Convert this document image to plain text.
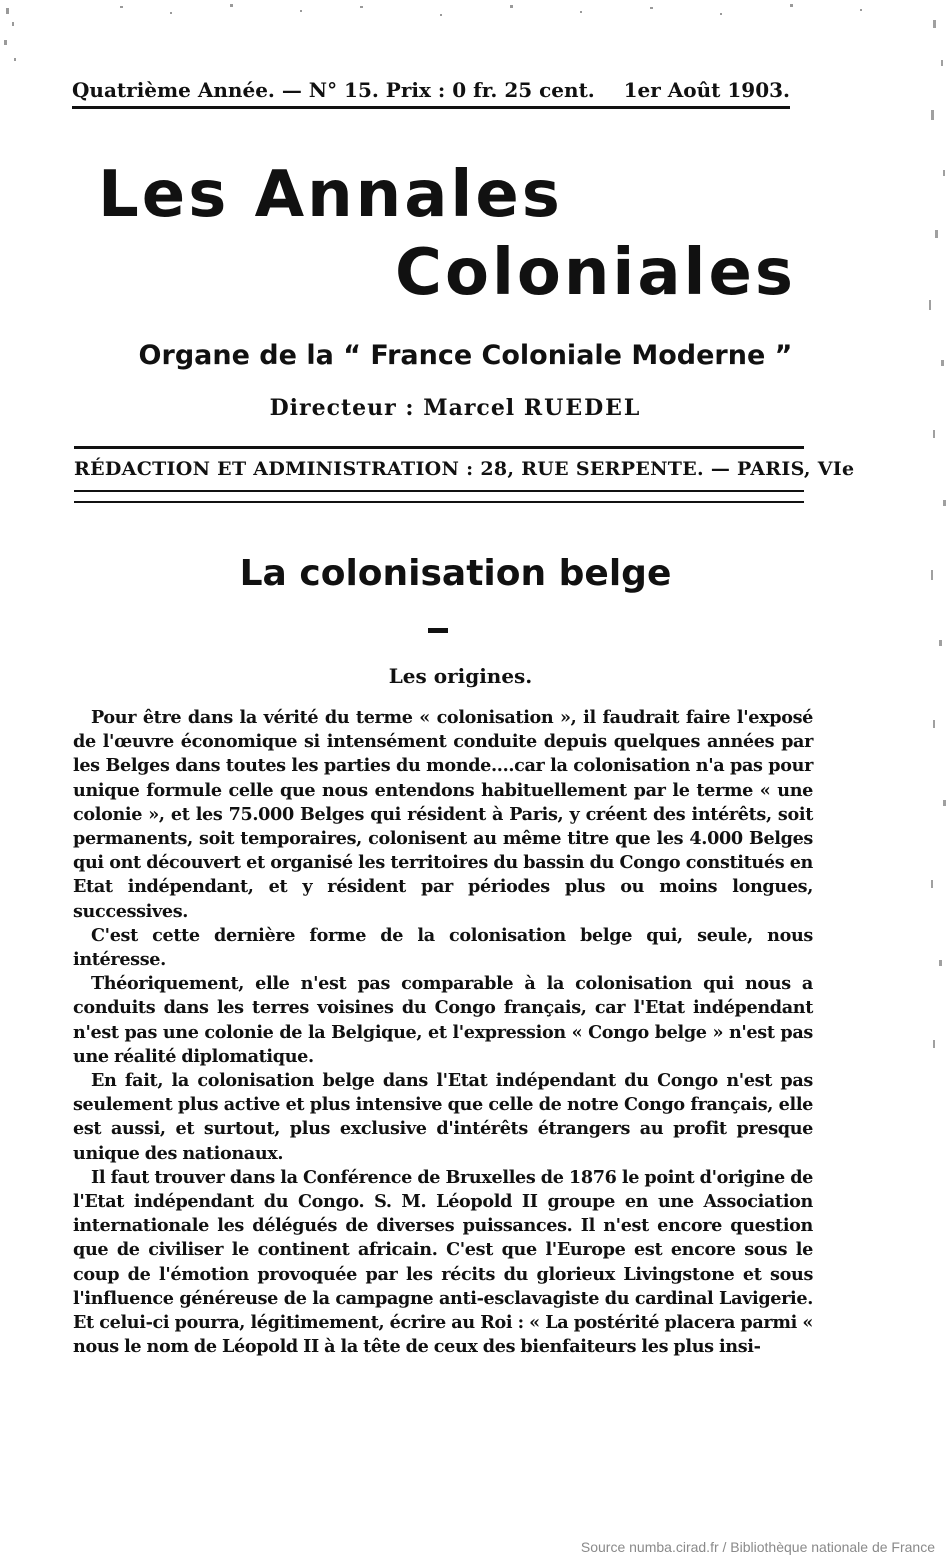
Quatrième Année. — N° 15. Prix : 0 fr. 25 cent. 1er Août 1903.
Les Annales
Coloniales
Organe de la “ France Coloniale Moderne ”
Directeur : Marcel RUEDEL
RÉDACTION ET ADMINISTRATION : 28, RUE SERPENTE. — PARIS, VIe
La colonisation belge
Les origines.

Pour être dans la vérité du terme « colonisation », il faudrait faire l'exposé de l'œuvre économique si intensément conduite depuis quelques années par les Belges dans toutes les parties du monde....car la colonisation n'a pas pour unique formule celle que nous entendons habituellement par le terme « une colonie », et les 75.000 Belges qui résident à Paris, y créent des intérêts, soit permanents, soit temporaires, colonisent au même titre que les 4.000 Belges qui ont découvert et organisé les territoires du bassin du Congo constitués en Etat indépendant, et y résident par périodes plus ou moins longues, successives.

C'est cette dernière forme de la colonisation belge qui, seule, nous intéresse.

Théoriquement, elle n'est pas comparable à la colonisation qui nous a conduits dans les terres voisines du Congo français, car l'Etat indépendant n'est pas une colonie de la Belgique, et l'expression « Congo belge » n'est pas une réalité diplomatique.

En fait, la colonisation belge dans l'Etat indépendant du Congo n'est pas seulement plus active et plus intensive que celle de notre Congo français, elle est aussi, et surtout, plus exclusive d'intérêts étrangers au profit presque unique des nationaux.

Il faut trouver dans la Conférence de Bruxelles de 1876 le point d'origine de l'Etat indépendant du Congo. S. M. Léopold II groupe en une Association internationale les délégués de diverses puissances. Il n'est encore question que de civiliser le continent africain. C'est que l'Europe est encore sous le coup de l'émotion provoquée par les récits du glorieux Livingstone et sous l'influence généreuse de la campagne anti-esclavagiste du cardinal Lavigerie. Et celui-ci pourra, légitimement, écrire au Roi : « La postérité placera parmi « nous le nom de Léopold II à la tête de ceux des bienfaiteurs les plus insi-

Source numba.cirad.fr / Bibliothèque nationale de France
